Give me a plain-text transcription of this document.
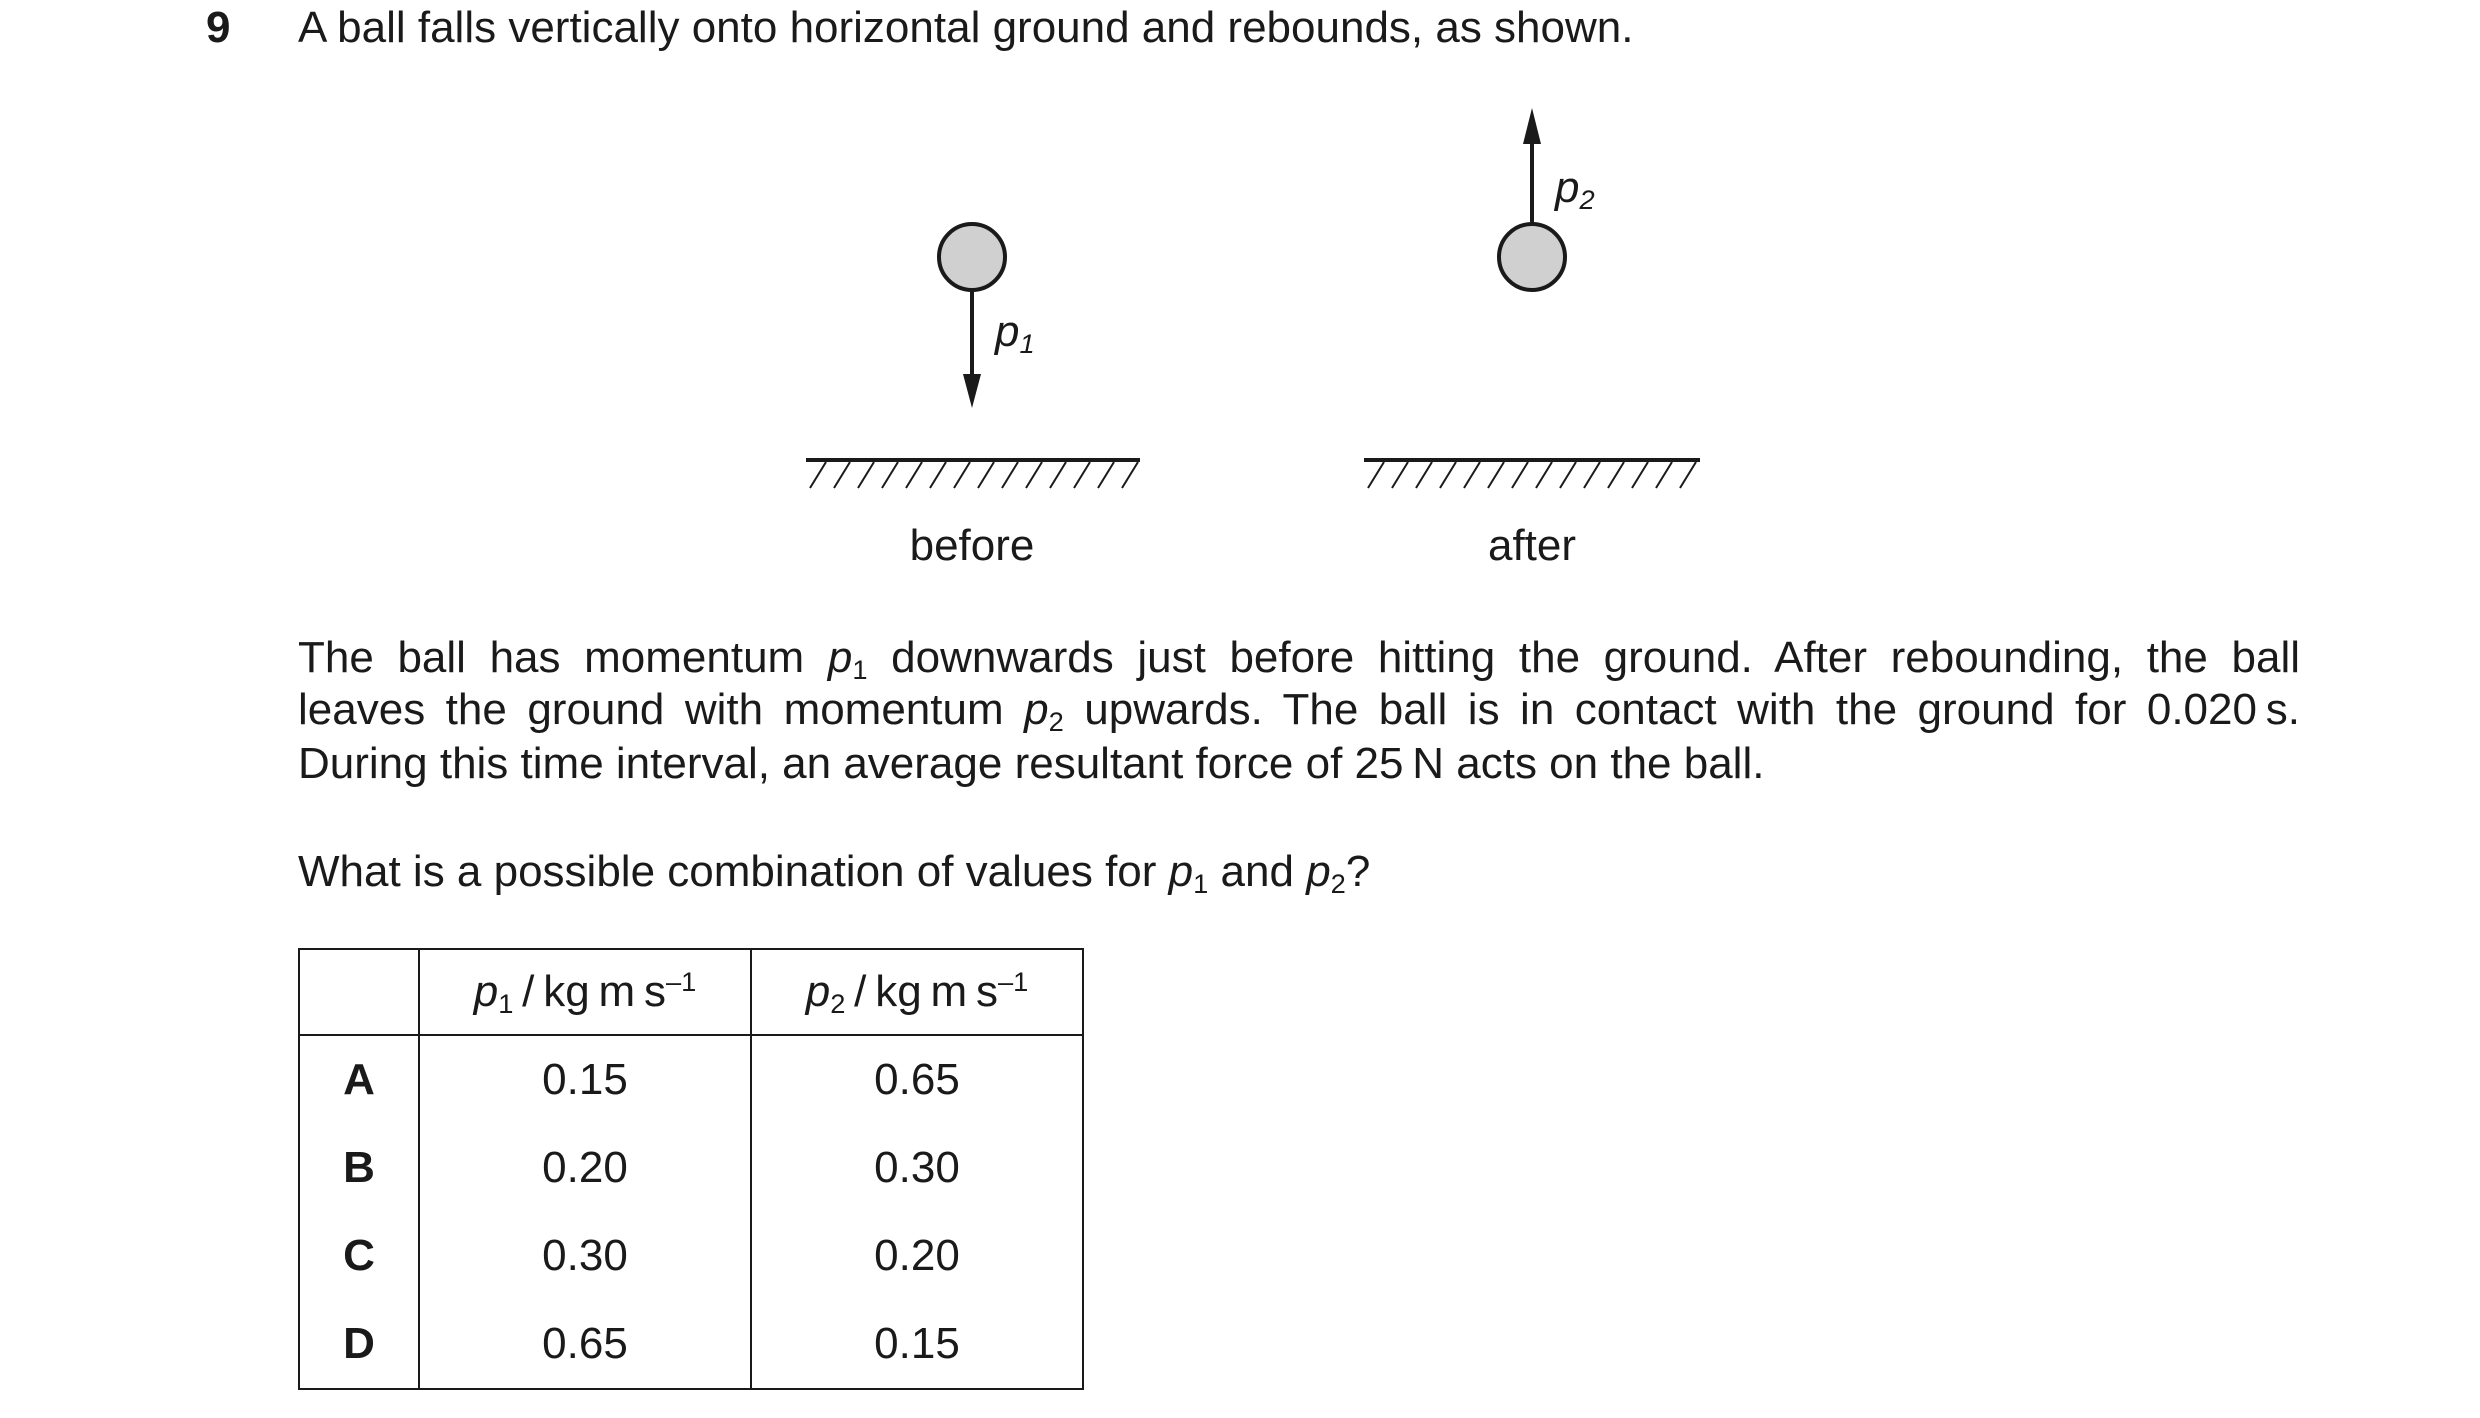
9 A ball falls vertically onto horizontal ground and rebounds, as shown.
$p_1$
$p_2$
before	after
The ball has momentum $p_1$ downwards just before hitting the ground. After rebounding, the ball
leaves the ground with momentum $p_2$ upwards. The ball is in contact with the ground for 0.020 s.
During this time interval, an average resultant force of 25 N acts on the ball.
What is a possible combination of values for $p_1$ and $p_2$?
	$p_1$ / kg m $s^{-1}$	$p_2$ / kg m $s^{-1}$
A	0.15	0.65
B	0.20	0.30
C	0.30	0.20
D	0.65	0.15
